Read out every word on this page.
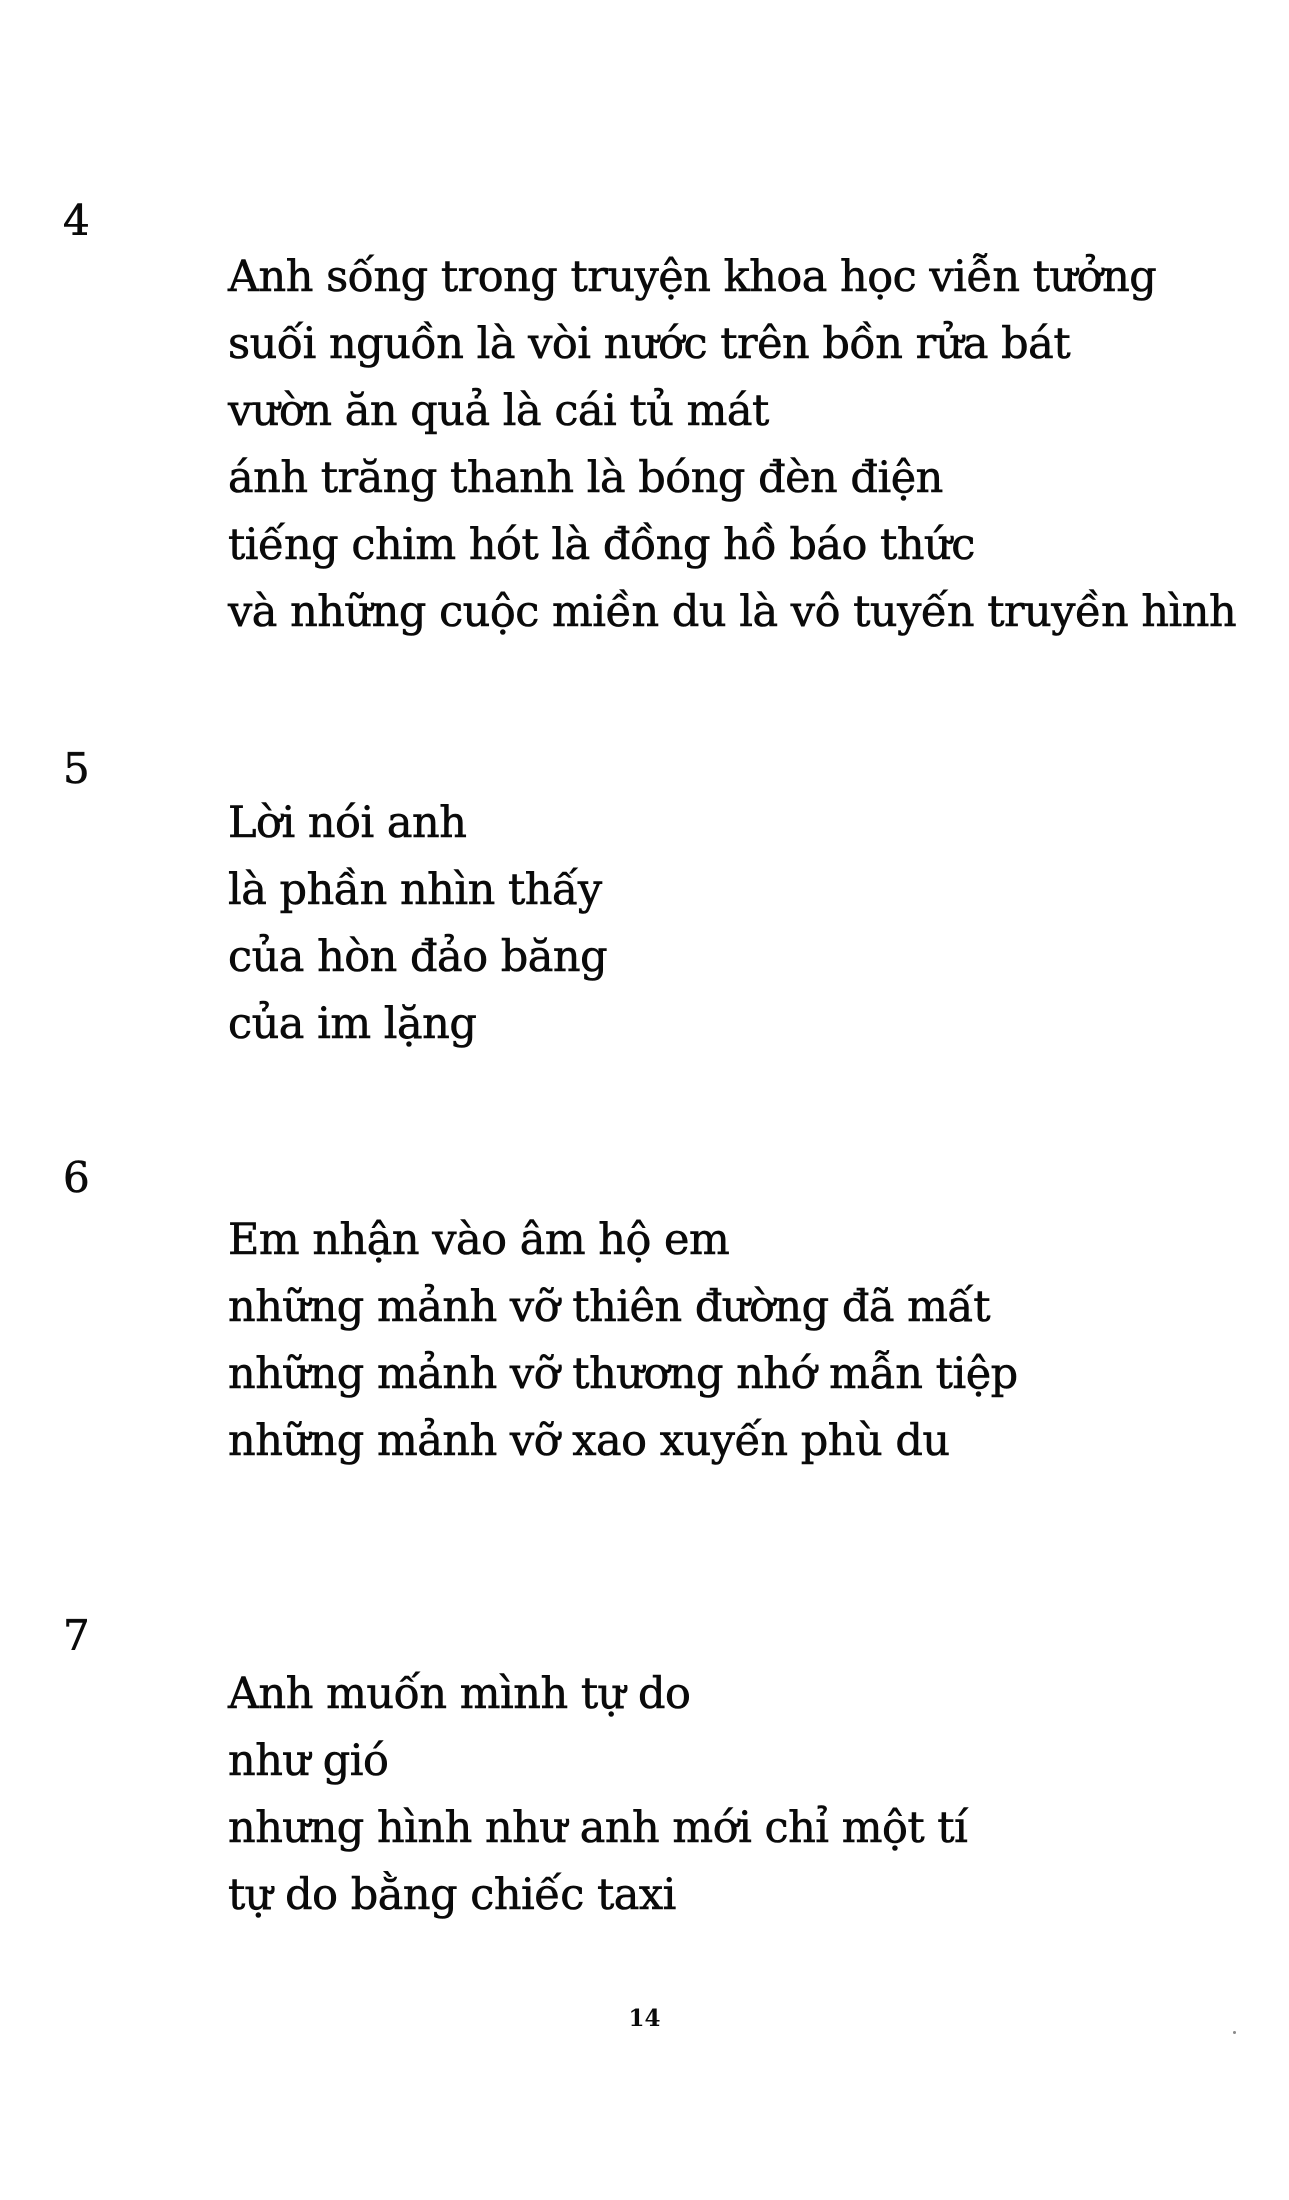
4
Anh sống trong truyện khoa học viễn tưởng
suối nguồn là vòi nước trên bồn rửa bát
vườn ăn quả là cái tủ mát
ánh trăng thanh là bóng đèn điện
tiếng chim hót là đồng hồ báo thức
và những cuộc miền du là vô tuyến truyền hình
5
Lời nói anh
là phần nhìn thấy
của hòn đảo băng
của im lặng
6
Em nhận vào âm hộ em
những mảnh vỡ thiên đường đã mất
những mảnh vỡ thương nhớ mẫn tiệp
những mảnh vỡ xao xuyến phù du
7
Anh muốn mình tự do
như gió
nhưng hình như anh mới chỉ một tí
tự do bằng chiếc taxi

14
